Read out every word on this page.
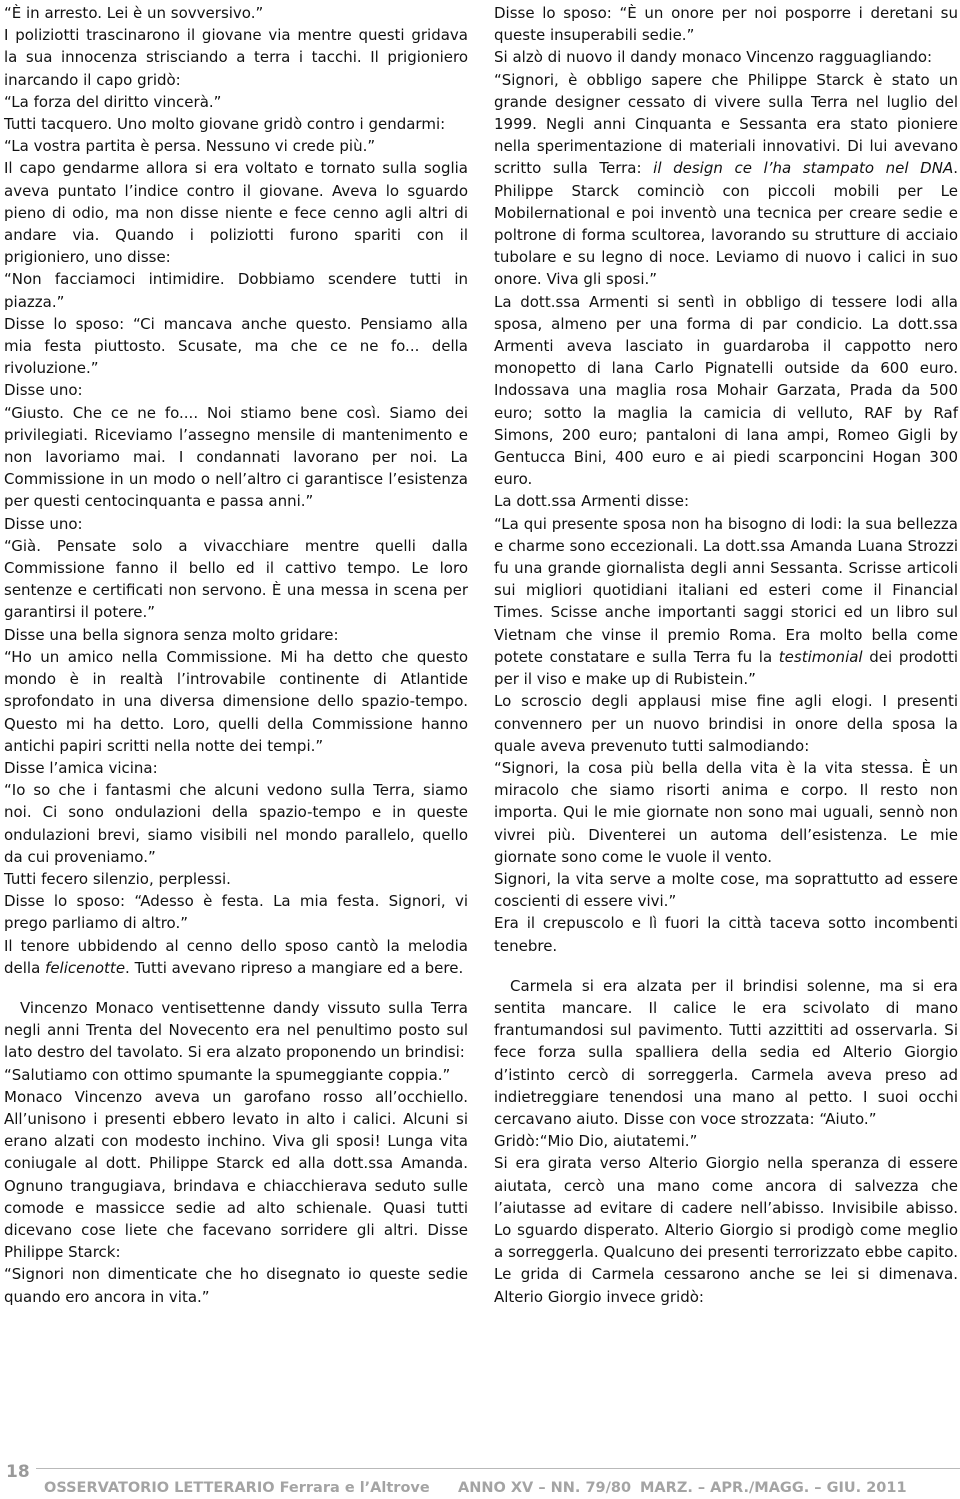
“È in arresto. Lei è un sovversivo.”

I poliziotti trascinarono il giovane via mentre questi gridava la sua innocenza strisciando a terra i tacchi. Il prigioniero inarcando il capo gridò:

“La forza del diritto vincerà.”

Tutti tacquero. Uno molto giovane gridò contro i gendarmi:

“La vostra partita è persa. Nessuno vi crede più.”

Il capo gendarme allora si era voltato e tornato sulla soglia aveva puntato l’indice contro il giovane. Aveva lo sguardo pieno di odio, ma non disse niente e fece cenno agli altri di andare via. Quando i poliziotti furono spariti con il prigioniero, uno disse:

“Non facciamoci intimidire. Dobbiamo scendere tutti in piazza.”

Disse lo sposo: “Ci mancava anche questo. Pensiamo alla mia festa piuttosto. Scusate, ma che ce ne fo... della rivoluzione.”

Disse uno:

“Giusto. Che ce ne fo.... Noi stiamo bene così. Siamo dei privilegiati. Riceviamo l’assegno mensile di mantenimento e non lavoriamo mai. I condannati lavorano per noi. La Commissione in un modo o nell’altro ci garantisce l’esistenza per questi centocinquanta e passa anni.”

Disse uno:

“Già. Pensate solo a vivacchiare mentre quelli dalla Commissione fanno il bello ed il cattivo tempo. Le loro sentenze e certificati non servono. È una messa in scena per garantirsi il potere.”

Disse una bella signora senza molto gridare:

“Ho un amico nella Commissione. Mi ha detto che questo mondo è in realtà l’introvabile continente di Atlantide sprofondato in una diversa dimensione dello spazio-tempo. Questo mi ha detto. Loro, quelli della Commissione hanno antichi papiri scritti nella notte dei tempi.”

Disse l’amica vicina:

“Io so che i fantasmi che alcuni vedono sulla Terra, siamo noi. Ci sono ondulazioni della spazio-tempo e in queste ondulazioni brevi, siamo visibili nel mondo parallelo, quello da cui proveniamo.”

Tutti fecero silenzio, perplessi.

Disse lo sposo: “Adesso è festa. La mia festa. Signori, vi prego parliamo di altro.”

Il tenore ubbidendo al cenno dello sposo cantò la melodia della felicenotte. Tutti avevano ripreso a mangiare ed a bere.

Vincenzo Monaco ventisettenne dandy vissuto sulla Terra negli anni Trenta del Novecento era nel penultimo posto sul lato destro del tavolato. Si era alzato proponendo un brindisi:

“Salutiamo con ottimo spumante la spumeggiante coppia.”

Monaco Vincenzo aveva un garofano rosso all’occhiello. All’unisono i presenti ebbero levato in alto i calici. Alcuni si erano alzati con modesto inchino. Viva gli sposi! Lunga vita coniugale al dott. Philippe Starck ed alla dott.ssa Amanda. Ognuno trangugiava, brindava e chiacchierava seduto sulle comode e massicce sedie ad alto schienale. Quasi tutti dicevano cose liete che facevano sorridere gli altri. Disse Philippe Starck:

“Signori non dimenticate che ho disegnato io queste sedie quando ero ancora in vita.”

Disse lo sposo: “È un onore per noi posporre i deretani su queste insuperabili sedie.”

Si alzò di nuovo il dandy monaco Vincenzo ragguagliando:

“Signori, è obbligo sapere che Philippe Starck è stato un grande designer cessato di vivere sulla Terra nel luglio del 1999. Negli anni Cinquanta e Sessanta era stato pioniere nella sperimentazione di materiali innovativi. Di lui avevano scritto sulla Terra: il design ce l’ha stampato nel DNA. Philippe Starck cominciò con piccoli mobili per Le Mobilernational e poi inventò una tecnica per creare sedie e poltrone di forma scultorea, lavorando su strutture di acciaio tubolare e su legno di noce. Leviamo di nuovo i calici in suo onore. Viva gli sposi.”

La dott.ssa Armenti si sentì in obbligo di tessere lodi alla sposa, almeno per una forma di par condicio. La dott.ssa Armenti aveva lasciato in guardaroba il cappotto nero monopetto di lana Carlo Pignatelli outside da 600 euro. Indossava una maglia rosa Mohair Garzata, Prada da 500 euro; sotto la maglia la camicia di velluto, RAF by Raf Simons, 200 euro; pantaloni di lana ampi, Romeo Gigli by Gentucca Bini, 400 euro e ai piedi scarponcini Hogan 300 euro.

La dott.ssa Armenti disse:

“La qui presente sposa non ha bisogno di lodi: la sua bellezza e charme sono eccezionali. La dott.ssa Amanda Luana Strozzi fu una grande giornalista degli anni Sessanta. Scrisse articoli sui migliori quotidiani italiani ed esteri come il Financial Times. Scisse anche importanti saggi storici ed un libro sul Vietnam che vinse il premio Roma. Era molto bella come potete constatare e sulla Terra fu la testimonial dei prodotti per il viso e make up di Rubistein.”

Lo scroscio degli applausi mise fine agli elogi. I presenti convennero per un nuovo brindisi in onore della sposa la quale aveva prevenuto tutti salmodiando:

“Signori, la cosa più bella della vita è la vita stessa. È un miracolo che siamo risorti anima e corpo. Il resto non importa. Qui le mie giornate non sono mai uguali, sennò non vivrei più. Diventerei un automa dell’esistenza. Le mie giornate sono come le vuole il vento.

Signori, la vita serve a molte cose, ma soprattutto ad essere coscienti di essere vivi.”

Era il crepuscolo e lì fuori la città taceva sotto incombenti tenebre.

Carmela si era alzata per il brindisi solenne, ma si era sentita mancare. Il calice le era scivolato di mano frantumandosi sul pavimento. Tutti azzittiti ad osservarla. Si fece forza sulla spalliera della sedia ed Alterio Giorgio d’istinto cercò di sorreggerla. Carmela aveva preso ad indietreggiare tenendosi una mano al petto. I suoi occhi cercavano aiuto. Disse con voce strozzata: “Aiuto.”

Gridò:“Mio Dio, aiutatemi.”

Si era girata verso Alterio Giorgio nella speranza di essere aiutata, cercò una mano come ancora di salvezza che l’aiutasse ad evitare di cadere nell’abisso. Invisibile abisso. Lo sguardo disperato. Alterio Giorgio si prodigò come meglio a sorreggerla. Qualcuno dei presenti terrorizzato ebbe capito. Le grida di Carmela cessarono anche se lei si dimenava. Alterio Giorgio invece gridò:

18
OSSERVATORIO LETTERARIO Ferrara e l’Altrove ANNO XV – NN. 79/80 MARZ. – APR./MAGG. – GIU. 2011
